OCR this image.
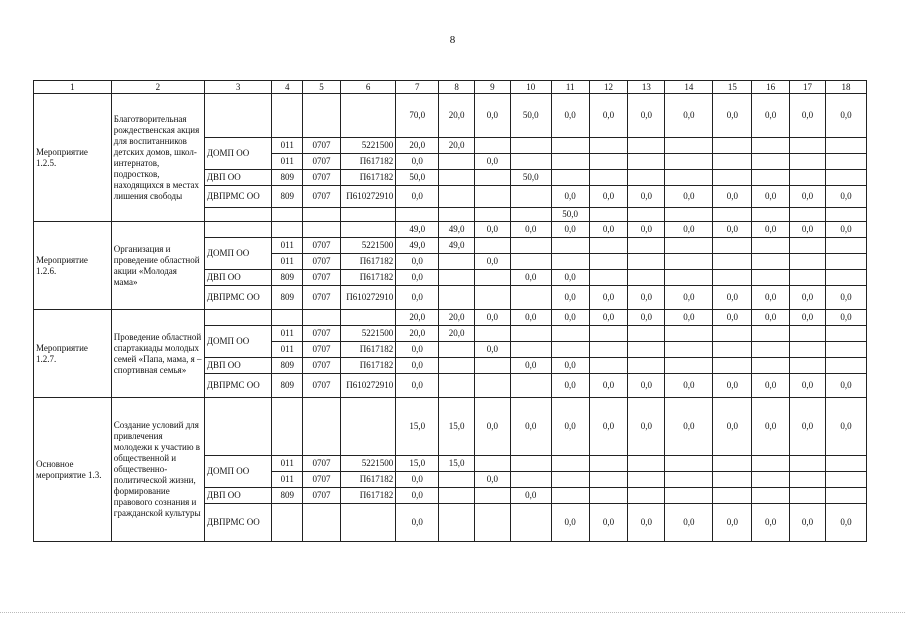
8
1	2	3	4	5	6	7	8	9	10	11	12	13	14	15	16	17	18
Мероприятие 1.2.5.	Благотворительная рождественская акция для воспитанников детских домов, школ-интернатов, подростков, находящихся в местах лишения свободы					70,0	20,0	0,0	50,0	0,0	0,0	0,0	0,0	0,0	0,0	0,0	0,0
		ДОМП ОО	011	0707	5221500	20,0	20,0										
			011	0707	П617182	0,0		0,0									
		ДВП ОО	809	0707	П617182	50,0			50,0								
		ДВПРМС ОО	809	0707	П610272910	0,0				0,0	0,0	0,0	0,0	0,0	0,0	0,0	0,0
										50,0							
Мероприятие 1.2.6.	Организация и проведение областной акции «Молодая мама»					49,0	49,0	0,0	0,0	0,0	0,0	0,0	0,0	0,0	0,0	0,0	0,0
		ДОМП ОО	011	0707	5221500	49,0	49,0										
			011	0707	П617182	0,0		0,0									
		ДВП ОО	809	0707	П617182	0,0			0,0	0,0							
		ДВПРМС ОО	809	0707	П610272910	0,0				0,0	0,0	0,0	0,0	0,0	0,0	0,0	0,0
Мероприятие 1.2.7.	Проведение областной спартакиады молодых семей «Папа, мама, я – спортивная семья»					20,0	20,0	0,0	0,0	0,0	0,0	0,0	0,0	0,0	0,0	0,0	0,0
		ДОМП ОО	011	0707	5221500	20,0	20,0										
			011	0707	П617182	0,0		0,0									
		ДВП ОО	809	0707	П617182	0,0			0,0	0,0							
		ДВПРМС ОО	809	0707	П610272910	0,0				0,0	0,0	0,0	0,0	0,0	0,0	0,0	0,0
Основное мероприятие 1.3.	Создание условий для привлечения молодежи к участию в общественной и общественно-политической жизни, формирование правового сознания и гражданской культуры					15,0	15,0	0,0	0,0	0,0	0,0	0,0	0,0	0,0	0,0	0,0	0,0
		ДОМП ОО	011	0707	5221500	15,0	15,0										
			011	0707	П617182	0,0		0,0									
		ДВП ОО	809	0707	П617182	0,0			0,0								
		ДВПРМС ОО				0,0				0,0	0,0	0,0	0,0	0,0	0,0	0,0	0,0
